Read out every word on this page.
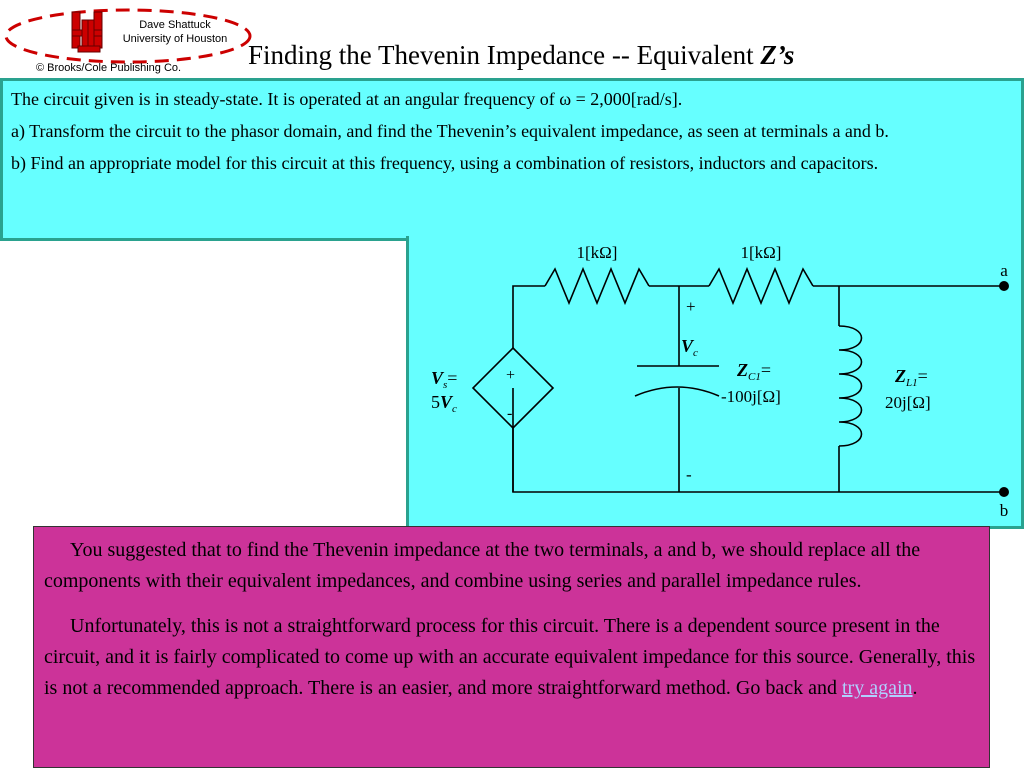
Dave Shattuck
University of Houston
© Brooks/Cole Publishing Co. Finding the Thevenin Impedance -- Equivalent Z’s

The circuit given is in steady-state. It is operated at an angular frequency of ω = 2,000[rad/s].

a) Transform the circuit to the phasor domain, and find the Thevenin’s equivalent impedance, as seen at terminals a and b.

b) Find an appropriate model for this circuit at this frequency, using a combination of resistors, inductors and capacitors.

1[kΩ]	1[kΩ]
a
b
+
-
$V_c$
+
-
$V_s=$
$5V_c$
$Z_{C1}=$
-100j[Ω]
$Z_{L1}=$
20j[Ω]

You suggested that to find the Thevenin impedance at the two terminals, a and b, we should replace all the components with their equivalent impedances, and combine using series and parallel impedance rules.

Unfortunately, this is not a straightforward process for this circuit. There is a dependent source present in the circuit, and it is fairly complicated to come up with an accurate equivalent impedance for this source. Generally, this is not a recommended approach. There is an easier, and more straightforward method. Go back and try again.
